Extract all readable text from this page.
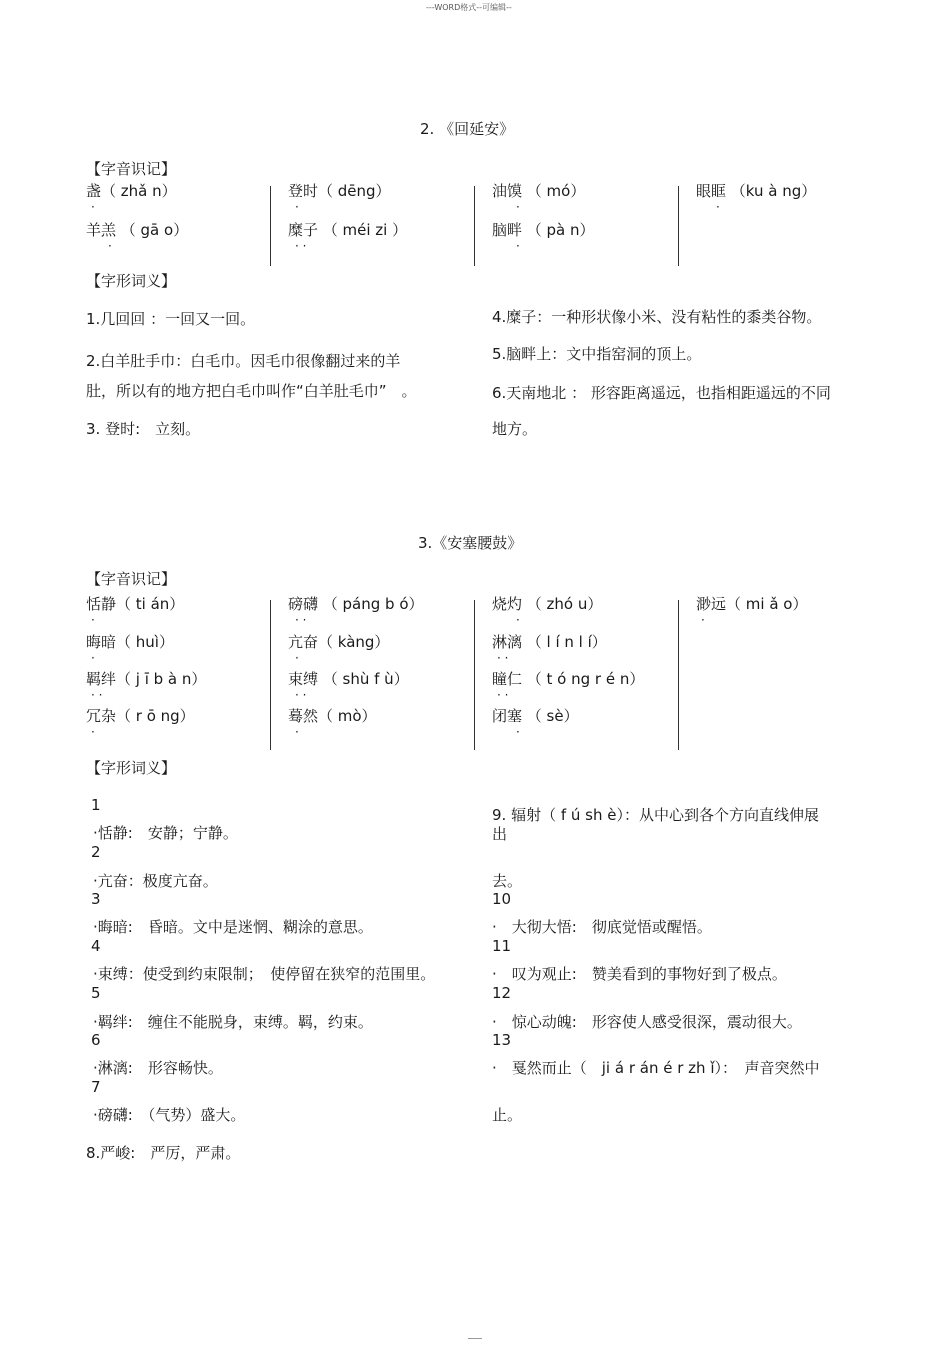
---WORD格式--可编辑--
2. 《回延安》
【字音识记】
盏（ zhǎ n）
·
羊羔 （ gā o）
·
登时（ dēng）
·
糜子 （ méi zi ）
· ·
油馍 （ mó）
·
脑畔 （ pà n）
·
眼眶 （ku à ng）
·
【字形词义】
1.几回回 ：一回又一回。
2.白羊肚手巾：白毛巾。因毛巾很像翻过来的羊
肚，所以有的地方把白毛巾叫作“白羊肚毛巾”　。
3. 登时:　立刻。
4.糜子：一种形状像小米、没有粘性的黍类谷物。
5.脑畔上：文中指窑洞的顶上。
6.天南地北 ： 形容距离遥远，也指相距遥远的不同
地方。
3.《安塞腰鼓》
【字音识记】
恬静（ ti án）
·
晦暗（ huì）
·
羁绊（ j ī b à n）
· ·
冗杂（ r ō ng）
·
磅礴 （ páng b ó）
· ·
亢奋（ kàng）
·
束缚 （ shù f ù）
· ·
蓦然（ mò）
·
烧灼 （ zhó u）
·
淋漓 （ l í n l í）
· ·
瞳仁 （ t ó ng r é n）
· ·
闭塞 （ sè）
·
渺远（ mi ǎ o）
·
【字形词义】
1
·恬静:　安静；宁静。
2
·亢奋：极度亢奋。
3
·晦暗:　昏暗。文中是迷惘、糊涂的意思。
4
·束缚：使受到约束限制；　使停留在狭窄的范围里。
5
·羁绊:　缠住不能脱身，束缚。羁，约束。
6
·淋漓:　形容畅快。
7
·磅礴:　（气势）盛大。
8.严峻:　严厉，严肃。
9. 辐射（ f ú sh è）：从中心到各个方向直线伸展
出
去。
10
·　大彻大悟:　彻底觉悟或醒悟。
11
·　叹为观止:　赞美看到的事物好到了极点。
12
·　惊心动魄:　形容使人感受很深，震动很大。
13
·　戛然而止（　ji á r án é r zh ǐ）：　声音突然中
止。
